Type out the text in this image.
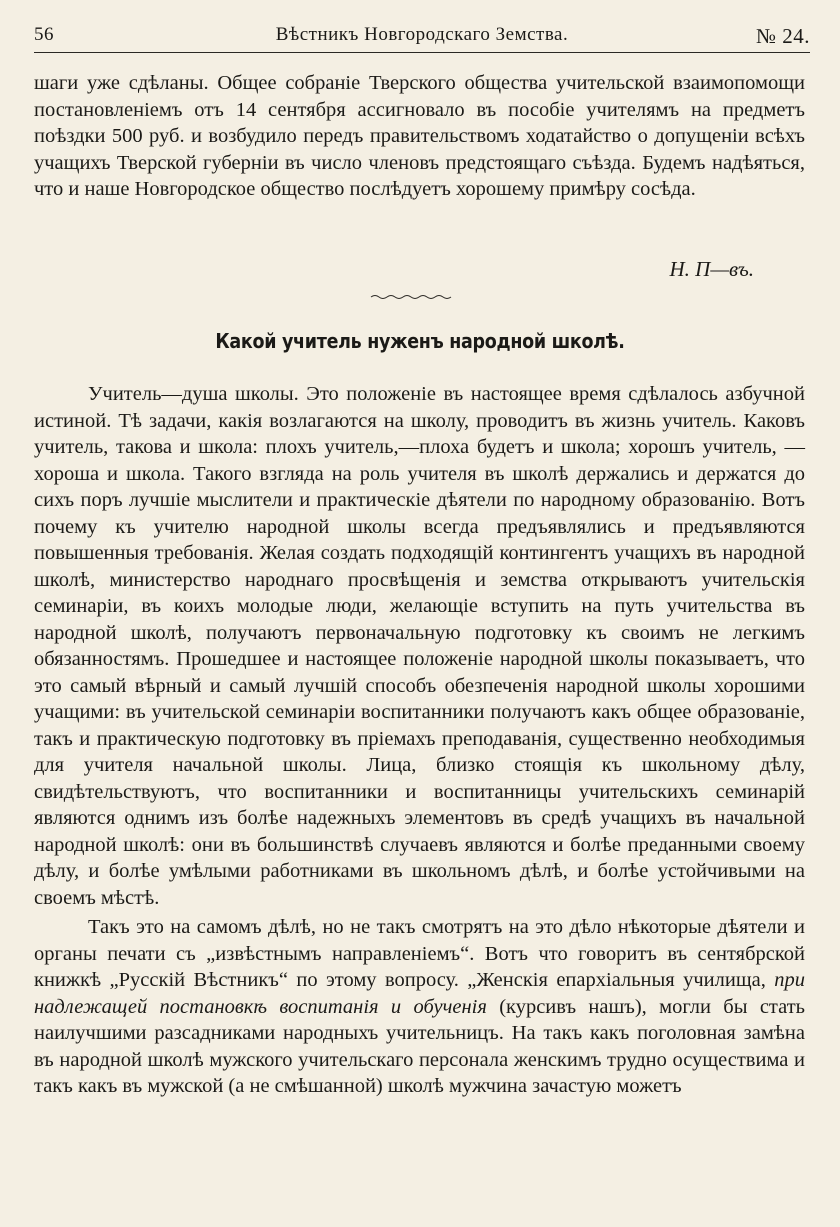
56	Вѣстникъ Новгородскаго Земства.	№ 24.

шаги уже сдѣланы. Общее собраніе Тверского общества учительской взаимопомощи постановленіемъ отъ 14 сентября ассигновало въ пособіе учителямъ на предметъ поѣздки 500 руб. и возбудило передъ правительствомъ ходатайство о допущеніи всѣхъ учащихъ Тверской губерніи въ число членовъ предстоящаго съѣзда. Будемъ надѣяться, что и наше Новгородское общество послѣдуетъ хорошему примѣру сосѣда.

Н. П—въ.
Какой учитель нуженъ народной школѣ.

Учитель—душа школы. Это положеніе въ настоящее время сдѣлалось азбучной истиной. Тѣ задачи, какія возлагаются на школу, проводитъ въ жизнь учитель. Каковъ учитель, такова и школа: плохъ учитель,—плоха будетъ и школа; хорошъ учитель, — хороша и школа. Такого взгляда на роль учителя въ школѣ держались и держатся до сихъ поръ лучшіе мыслители и практическіе дѣятели по народному образованію. Вотъ почему къ учителю народной школы всегда предъявлялись и предъявляются повышенныя требованія. Желая создать подходящій контингентъ учащихъ въ народной школѣ, министерство народнаго просвѣщенія и земства открываютъ учительскія семинаріи, въ коихъ молодые люди, желающіе вступить на путь учительства въ народной школѣ, получаютъ первоначальную подготовку къ своимъ не легкимъ обязанностямъ. Прошедшее и настоящее положеніе народной школы показываетъ, что это самый вѣрный и самый лучшій способъ обезпеченія народной школы хорошими учащими: въ учительской семинаріи воспитанники получаютъ какъ общее образованіе, такъ и практическую подготовку въ пріемахъ преподаванія, существенно необходимыя для учителя начальной школы. Лица, близко стоящія къ школьному дѣлу, свидѣтельствуютъ, что воспитанники и воспитанницы учительскихъ семинарій являются однимъ изъ болѣе надежныхъ элементовъ въ средѣ учащихъ въ начальной народной школѣ: они въ большинствѣ случаевъ являются и болѣе преданными своему дѣлу, и болѣе умѣлыми работниками въ школьномъ дѣлѣ, и болѣе устойчивыми на своемъ мѣстѣ.

Такъ это на самомъ дѣлѣ, но не такъ смотрятъ на это дѣло нѣкоторые дѣятели и органы печати съ „извѣстнымъ направленіемъ“. Вотъ что говоритъ въ сентябрской книжкѣ „Русскій Вѣстникъ“ по этому вопросу. „Женскія епархіальныя училища, при надлежащей постановкѣ воспитанія и обученія (курсивъ нашъ), могли бы стать наилучшими разсадниками народныхъ учительницъ. На такъ какъ поголовная замѣна въ народной школѣ мужского учительскаго персонала женскимъ трудно осуществима и такъ какъ въ мужской (а не смѣшанной) школѣ мужчина зачастую можетъ
